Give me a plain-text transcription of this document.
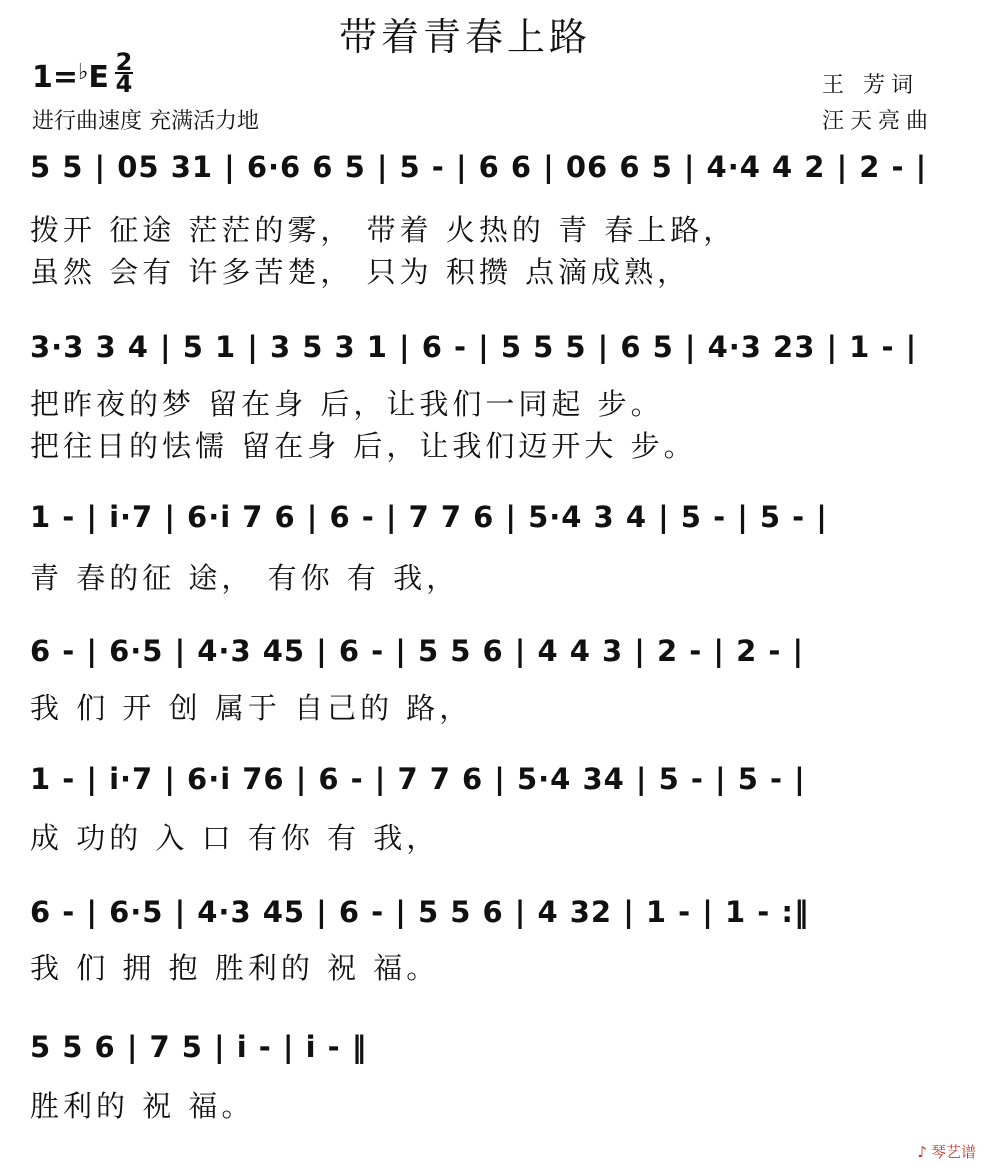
带着青春上路
1=♭E 2
4
进行曲速度 充满活力地
王 芳词
汪天亮曲
5 5 | 05 31 | 6·6 6 5 | 5 - | 6 6 | 06 6 5 | 4·4 4 2 | 2 - |
拨开 征途 茫茫的雾， 带着 火热的 青 春上路，
虽然 会有 许多苦楚， 只为 积攒 点滴成熟，
3·3 3 4 | 5 1 | 3 5 3 1 | 6 - | 5 5 5 | 6 5 | 4·3 23 | 1 - |
把昨夜的梦 留在身 后，让我们一同起 步。
把往日的怯懦 留在身 后，让我们迈开大 步。
1 - | i·7 | 6·i 7 6 | 6 - | 7 7 6 | 5·4 3 4 | 5 - | 5 - |
青 春的征 途， 有你 有 我，
6 - | 6·5 | 4·3 45 | 6 - | 5 5 6 | 4 4 3 | 2 - | 2 - |
我 们 开 创 属于 自己的 路，
1 - | i·7 | 6·i 76 | 6 - | 7 7 6 | 5·4 34 | 5 - | 5 - |
成 功的 入 口 有你 有 我，
6 - | 6·5 | 4·3 45 | 6 - | 5 5 6 | 4 32 | 1 - | 1 - :‖
我 们 拥 抱 胜利的 祝 福。
5 5 6 | 7 5 | i - | i - ‖
胜利的 祝 福。
♪ 琴艺谱
